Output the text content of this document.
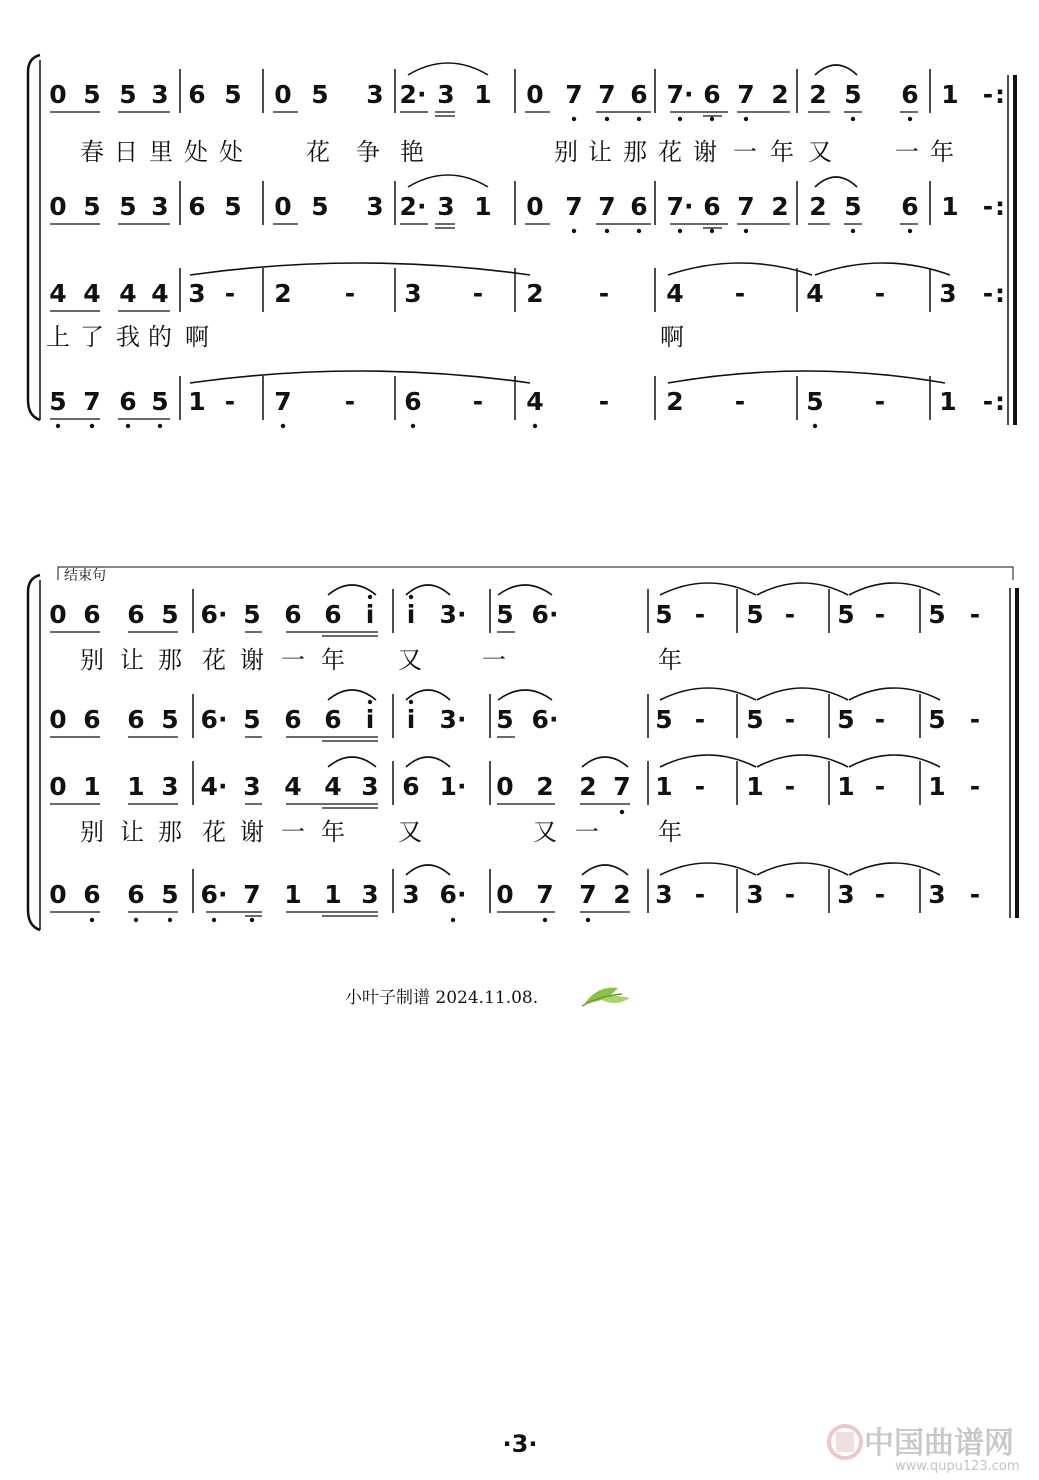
结束句
0 5 5 3 6 5 0 5 3 2· 3 1 0 7 7 6 7· 6 7 2 2 5 6 1 - :
0 5 5 3 6 5 0 5 3 2· 3 1 0 7 7 6 7· 6 7 2 2 5 6 1 - :
春 日 里 处 处	花 争 艳	别 让 那 花 谢 一 年 又	一 年
4 4 4 4 3 - 2 - 3 - 2 - 4 - 4 - 3 - :
上 了 我 的 啊	啊
5 7 6 5 1 - 7 - 6 - 4 - 2 - 5 - 1 - :
0 6 6 5 6· 5 6 6 i i 3· 5 6·	5 - 5 - 5 - 5 -
0 6 6 5 6· 5 6 6 i i 3· 5 6·	5 - 5 - 5 - 5 -
别 让 那 花 谢 一 年 又	一	年
0 1 1 3 4· 3 4 4 3 6 1· 0 2 2 7 1 - 1 - 1 - 1 -
别 让 那 花 谢 一 年 又	又 一 年
0 6 6 5 6· 7 1 1 3 3 6· 0 7 7 2 3 - 3 - 3 - 3 -
小叶子制谱 2024.11.08.
·3·	中国曲谱网
www.qupu123.com
